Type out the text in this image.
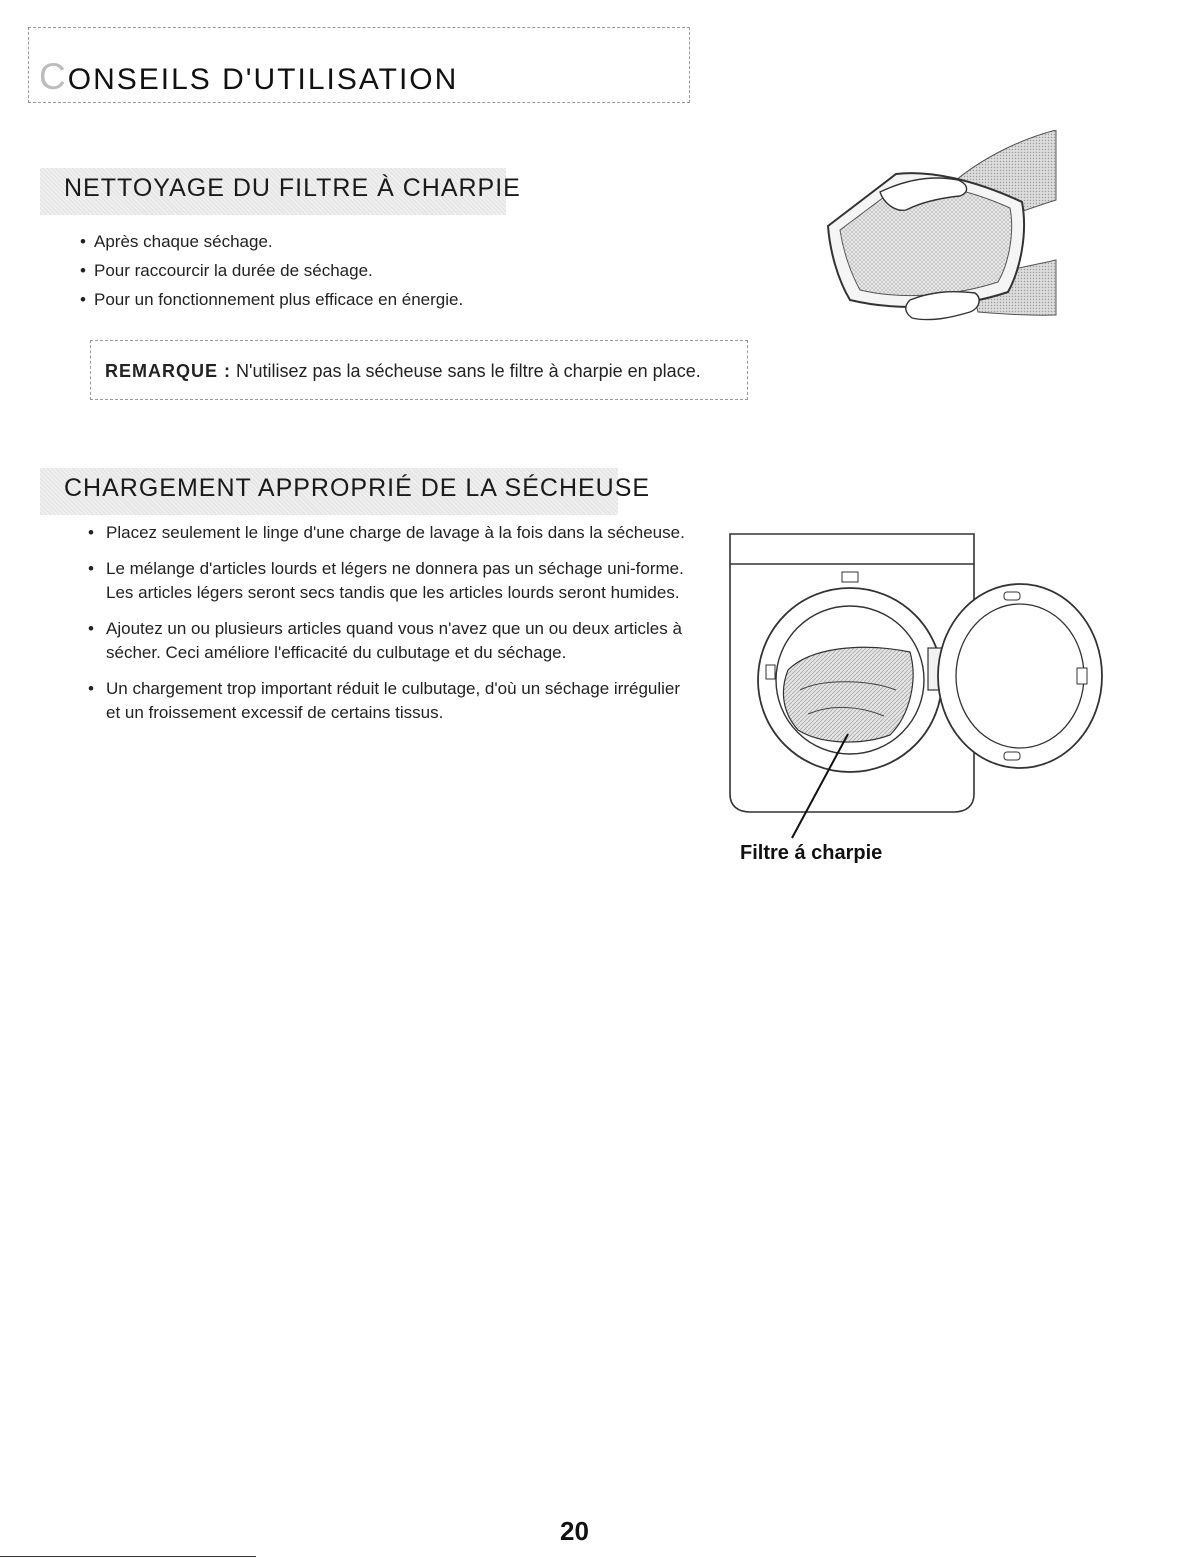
CONSEILS D'UTILISATION
NETTOYAGE DU FILTRE À CHARPIE
• Après chaque séchage.
• Pour raccourcir la durée de séchage.
• Pour un fonctionnement plus efficace en énergie.
REMARQUE : N'utilisez pas la sécheuse sans le filtre à charpie en place.
CHARGEMENT APPROPRIÉ DE LA SÉCHEUSE
• Placez seulement le linge d'une charge de lavage à la fois dans la sécheuse.
• Le mélange d'articles lourds et légers ne donnera pas un séchage uni-forme. Les articles légers seront secs tandis que les articles lourds seront humides.
• Ajoutez un ou plusieurs articles quand vous n'avez que un ou deux articles à sécher. Ceci améliore l'efficacité du culbutage et du séchage.
• Un chargement trop important réduit le culbutage, d'où un séchage irrégulier et un froissement excessif de certains tissus.

Filtre á charpie

20
